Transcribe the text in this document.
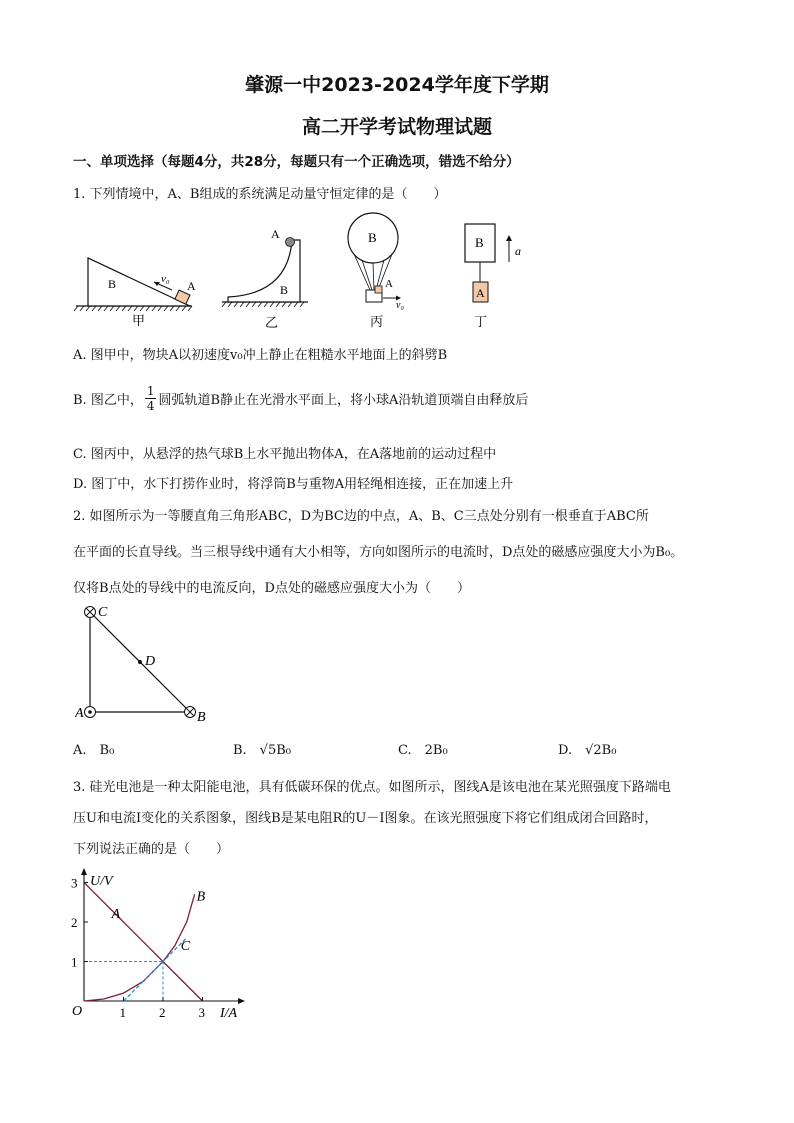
肇源一中2023-2024学年度下学期
高二开学考试物理试题
一、单项选择（每题4分，共28分，每题只有一个正确选项，错选不给分）
1. 下列情境中，A、B组成的系统满足动量守恒定律的是（　　）
B	A
v₀
甲
A
B
乙
B
A
v₀
丙
B
A
a
丁
A. 图甲中，物块A以初速度v₀冲上静止在粗糙水平地面上的斜劈B
B. 图乙中， $\frac{1}{4}$ 圆弧轨道B静止在光滑水平面上，将小球A沿轨道顶端自由释放后
C. 图丙中，从悬浮的热气球B上水平抛出物体A，在A落地前的运动过程中
D. 图丁中，水下打捞作业时，将浮筒B与重物A用轻绳相连接，正在加速上升
2. 如图所示为一等腰直角三角形ABC，D为BC边的中点，A、B、C三点处分别有一根垂直于ABC所
在平面的长直导线。当三根导线中通有大小相等，方向如图所示的电流时，D点处的磁感应强度大小为B₀。
仅将B点处的导线中的电流反向，D点处的磁感应强度大小为（　　）
C
D
A	B
A.　B₀	B.　√5B₀	C.　2B₀	D.　√2B₀
3. 硅光电池是一种太阳能电池，具有低碳环保的优点。如图所示，图线A是该电池在某光照强度下路端电
压U和电流I变化的关系图象，图线B是某电阻R的U－I图象。在该光照强度下将它们组成闭合回路时，
下列说法正确的是（　　）
A
B
C
1	2	3
1
2
3 U/V
I/A
O
